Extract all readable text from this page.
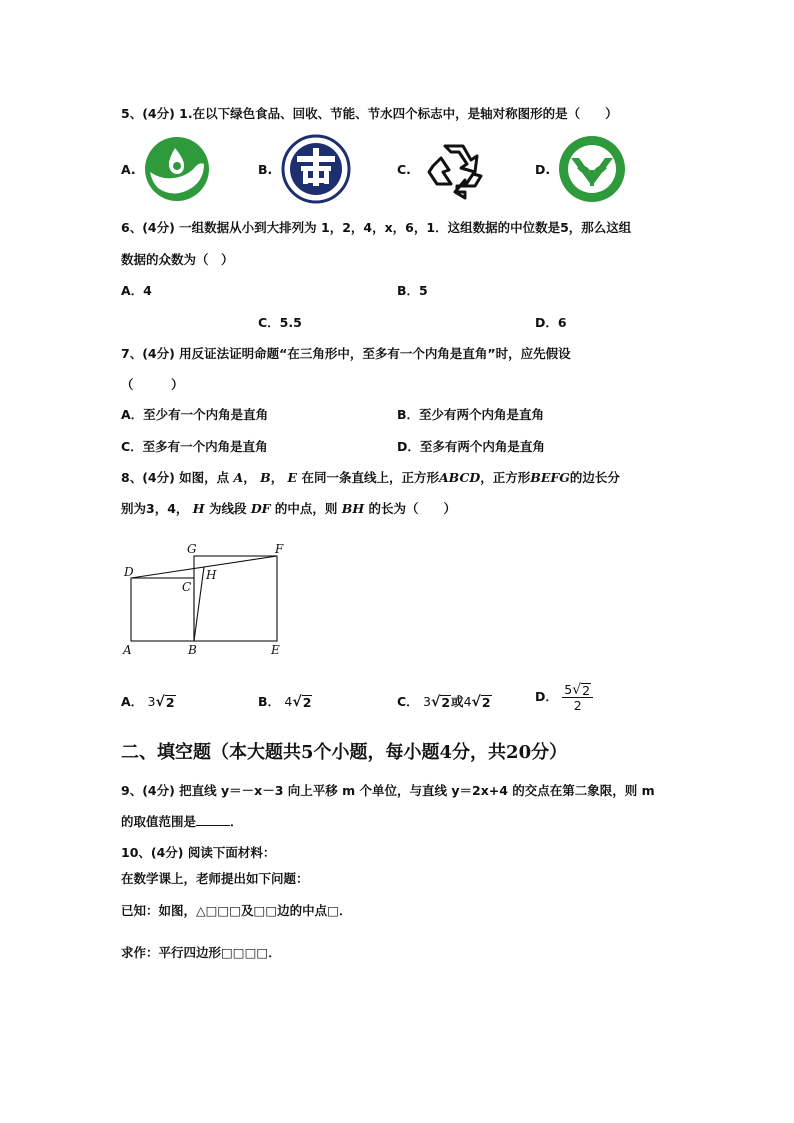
5、(4分) 1.在以下绿色食品、回收、节能、节水四个标志中，是轴对称图形的是（　　）
A.	B.	C.	D.
6、(4分) 一组数据从小到大排列为 1，2，4，x，6，1．这组数据的中位数是5，那么这组
数据的众数为（　）
A．4	B．5
C．5.5	D．6
7、(4分) 用反证法证明命题“在三角形中，至多有一个内角是直角”时，应先假设
（　　　）
A．至少有一个内角是直角	B．至少有两个内角是直角
C．至多有一个内角是直角	D．至多有两个内角是直角
8、(4分) 如图，点 A， B， E 在同一条直线上，正方形ABCD，正方形BEFG的边长分
别为3，4， H 为线段 DF 的中点，则 BH 的长为（　　）
D
G	F
H
C
A	B	E
A． 3 √ 2	B． 4 √ 2	C． 3 √ 2 或4 √ 2	D． $\frac{5 √ 2}{2}$
二、填空题（本大题共5个小题，每小题4分，共20分）
9、(4分) 把直线 y＝－x－3 向上平移 m 个单位，与直线 y＝2x+4 的交点在第二象限，则 m
的取值范围是	．
10、(4分) 阅读下面材料：
在数学课上，老师提出如下问题：
已知：如图，△□□□及□□边的中点□．
求作：平行四边形□□□□．
